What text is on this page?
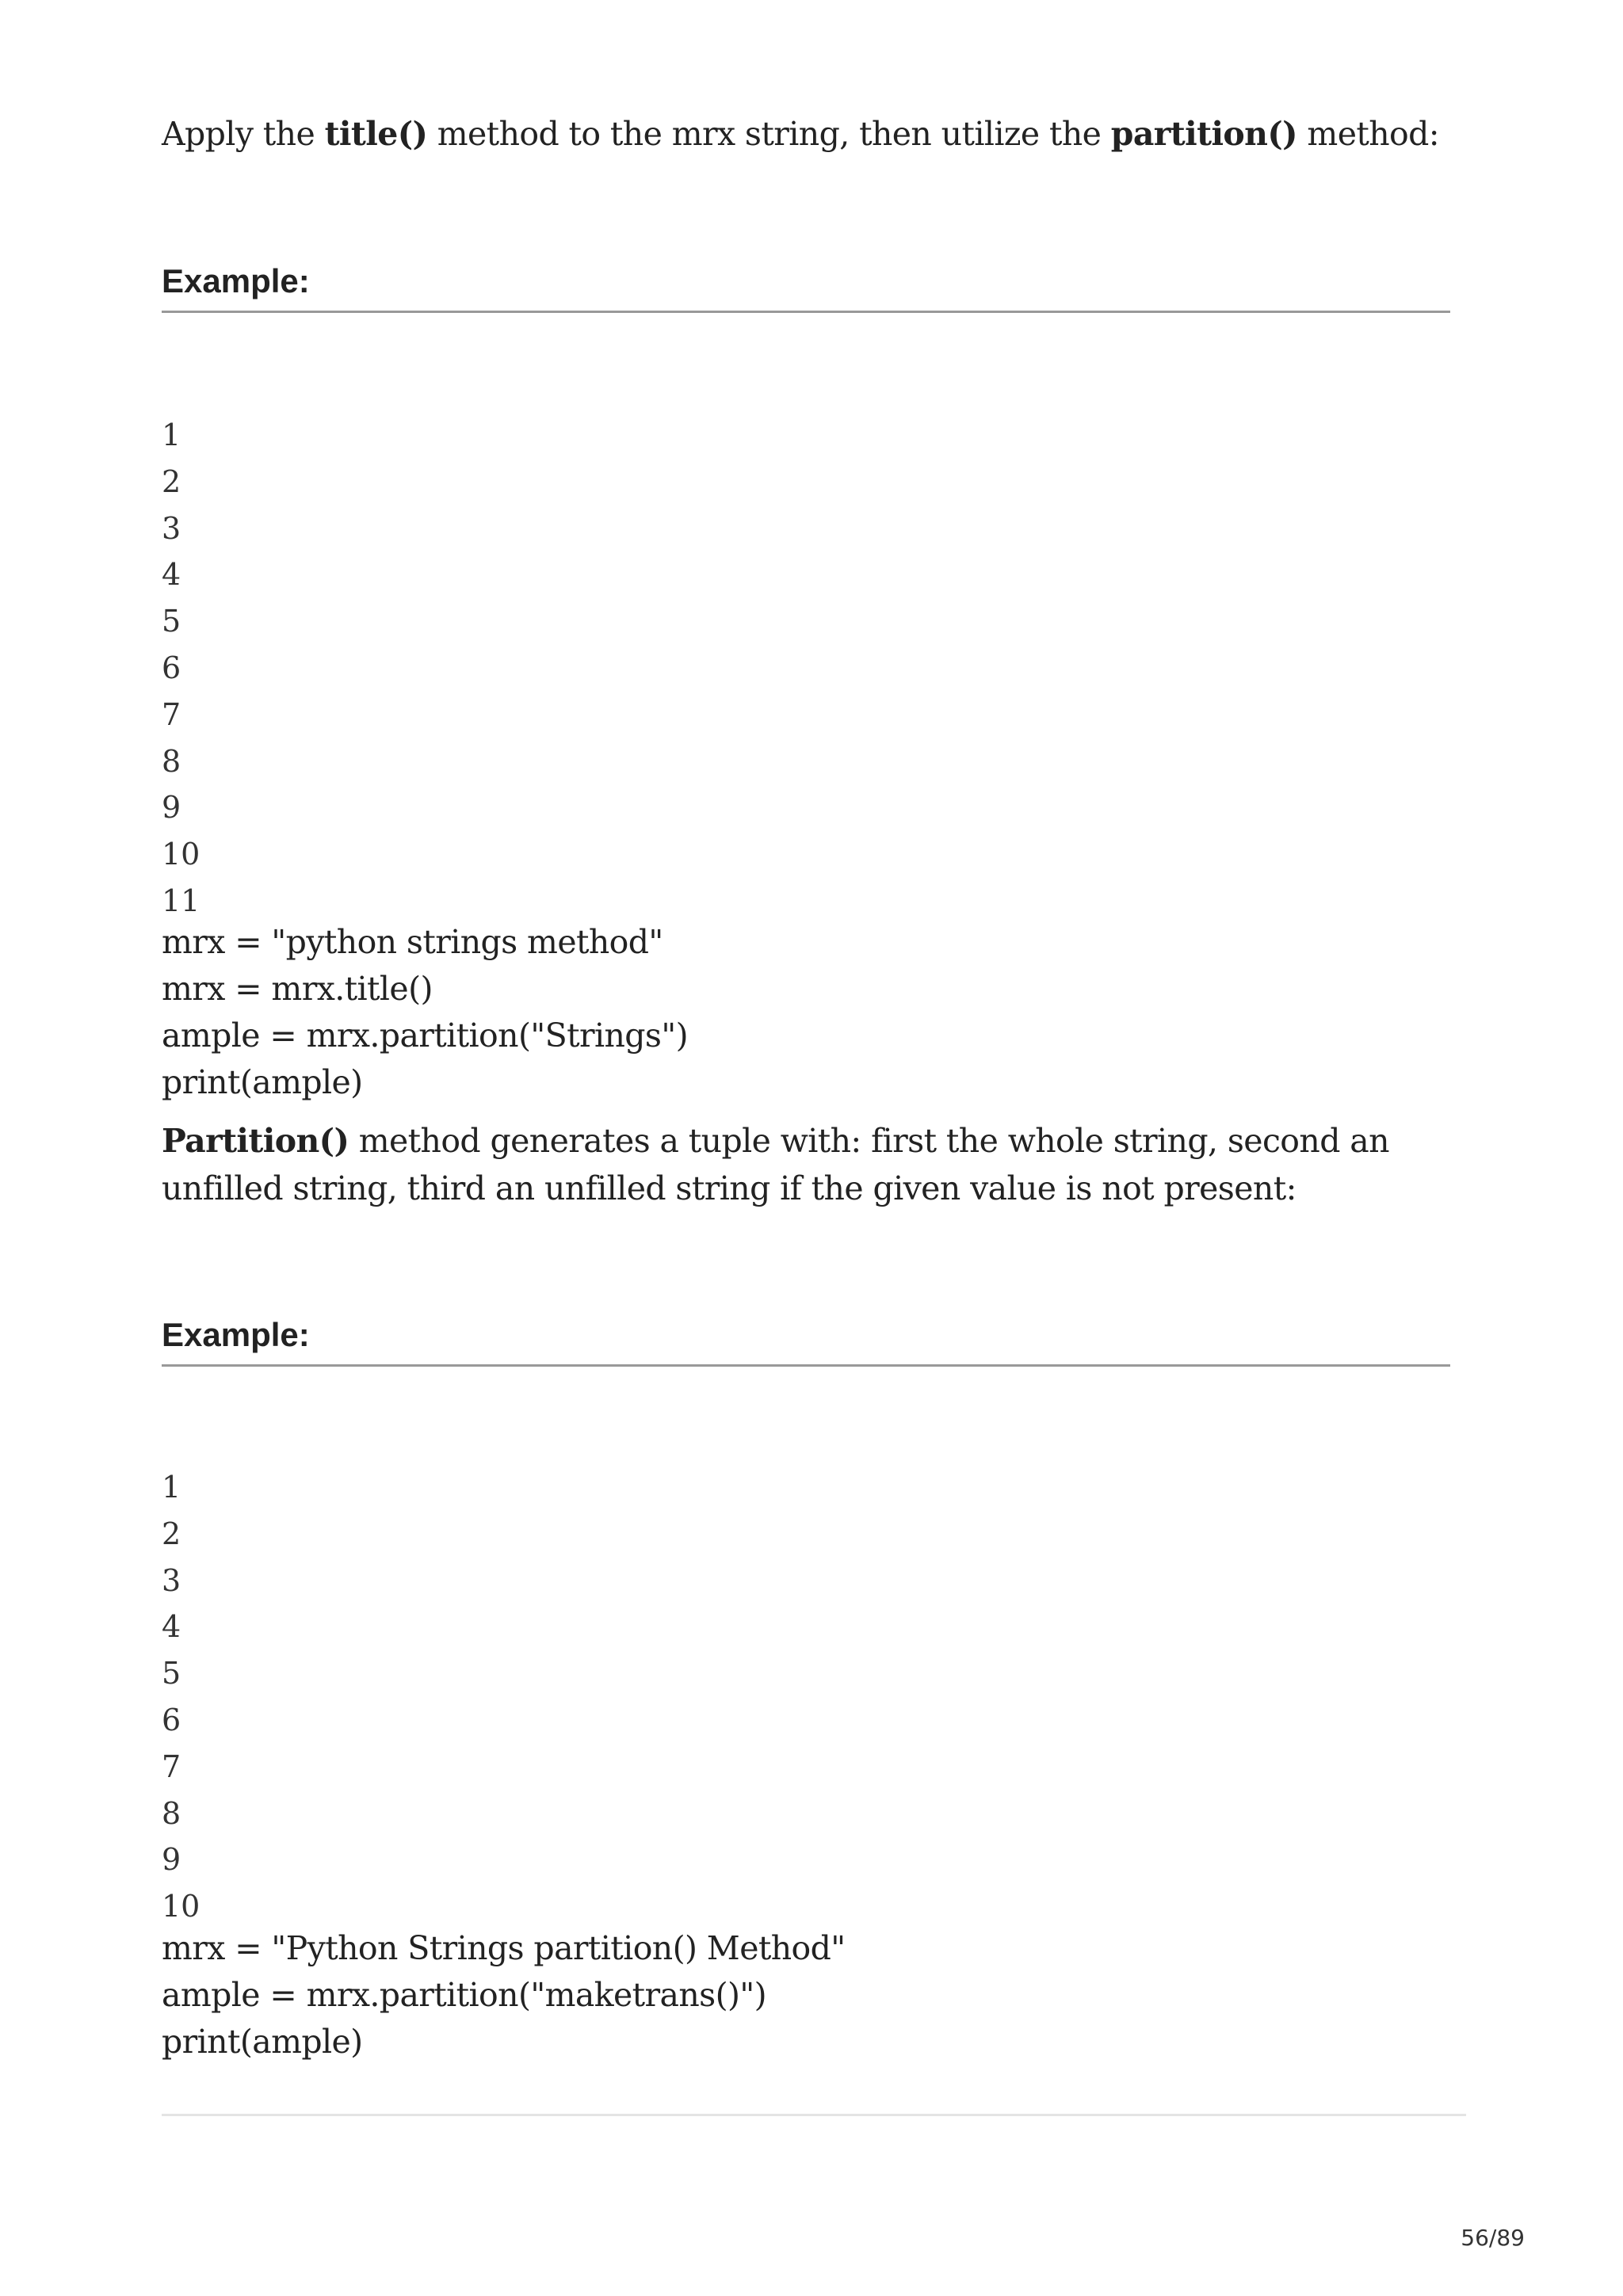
Apply the title() method to the mrx string, then utilize the partition() method:
Example:
1
2
3
4
5
6
7
8
9
10
11
mrx = "python strings method"
mrx = mrx.title()
ample = mrx.partition("Strings")
print(ample)
Partition() method generates a tuple with: first the whole string, second an unfilled string, third an unfilled string if the given value is not present:
Example:
1
2
3
4
5
6
7
8
9
10
mrx = "Python Strings partition() Method"
ample = mrx.partition("maketrans()")
print(ample)
56/89
